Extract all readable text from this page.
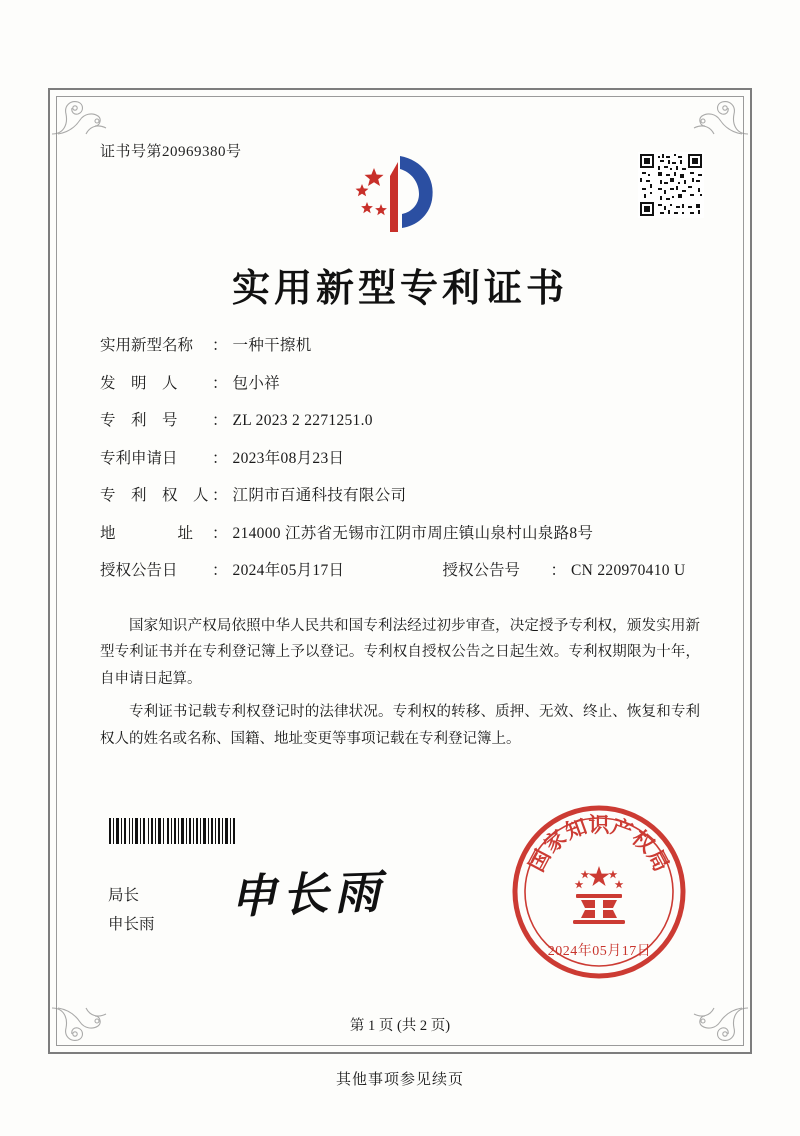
证书号第20969380号
实用新型专利证书
实用新型名称	： 一种干擦机
发　明　人	： 包小祥
专　利　号	： ZL 2023 2 2271251.0
专利申请日	： 2023年08月23日
专　利　权　人 ： 江阴市百通科技有限公司
地　　　　址	： 214000 江苏省无锡市江阴市周庄镇山泉村山泉路8号
授权公告日	： 2024年05月17日	授权公告号	： CN 220970410 U

国家知识产权局依照中华人民共和国专利法经过初步审查，决定授予专利权，颁发实用新型专利证书并在专利登记簿上予以登记。专利权自授权公告之日起生效。专利权期限为十年，自申请日起算。

专利证书记载专利权登记时的法律状况。专利权的转移、质押、无效、终止、恢复和专利权人的姓名或名称、国籍、地址变更等事项记载在专利登记簿上。

申长雨
局长
申长雨
国
家
知
识
产
权
局
2024年05月17日
第 1 页 (共 2 页)
其他事项参见续页
